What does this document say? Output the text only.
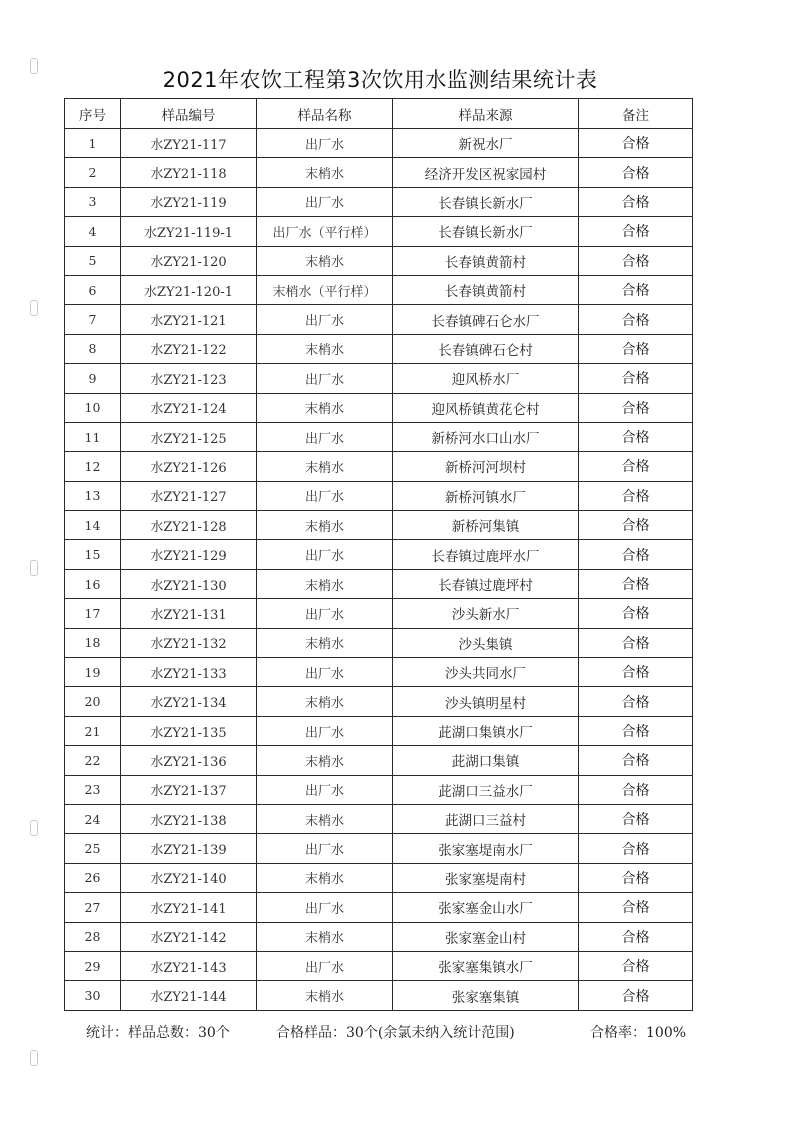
2021年农饮工程第3次饮用水监测结果统计表
序号	样品编号	样品名称	样品来源	备注
1	水ZY21-117	出厂水	新祝水厂	合格
2	水ZY21-118	末梢水	经济开发区祝家园村	合格
3	水ZY21-119	出厂水	长春镇长新水厂	合格
4	水ZY21-119-1	出厂水（平行样）	长春镇长新水厂	合格
5	水ZY21-120	末梢水	长春镇黄箭村	合格
6	水ZY21-120-1	末梢水（平行样）	长春镇黄箭村	合格
7	水ZY21-121	出厂水	长春镇碑石仑水厂	合格
8	水ZY21-122	末梢水	长春镇碑石仑村	合格
9	水ZY21-123	出厂水	迎风桥水厂	合格
10	水ZY21-124	末梢水	迎风桥镇黄花仑村	合格
11	水ZY21-125	出厂水	新桥河水口山水厂	合格
12	水ZY21-126	末梢水	新桥河河坝村	合格
13	水ZY21-127	出厂水	新桥河镇水厂	合格
14	水ZY21-128	末梢水	新桥河集镇	合格
15	水ZY21-129	出厂水	长春镇过鹿坪水厂	合格
16	水ZY21-130	末梢水	长春镇过鹿坪村	合格
17	水ZY21-131	出厂水	沙头新水厂	合格
18	水ZY21-132	末梢水	沙头集镇	合格
19	水ZY21-133	出厂水	沙头共同水厂	合格
20	水ZY21-134	末梢水	沙头镇明星村	合格
21	水ZY21-135	出厂水	茈湖口集镇水厂	合格
22	水ZY21-136	末梢水	茈湖口集镇	合格
23	水ZY21-137	出厂水	茈湖口三益水厂	合格
24	水ZY21-138	末梢水	茈湖口三益村	合格
25	水ZY21-139	出厂水	张家塞堤南水厂	合格
26	水ZY21-140	末梢水	张家塞堤南村	合格
27	水ZY21-141	出厂水	张家塞金山水厂	合格
28	水ZY21-142	末梢水	张家塞金山村	合格
29	水ZY21-143	出厂水	张家塞集镇水厂	合格
30	水ZY21-144	末梢水	张家塞集镇	合格
统计：样品总数：30个	合格样品：30个(余氯未纳入统计范围)	合格率：100%
